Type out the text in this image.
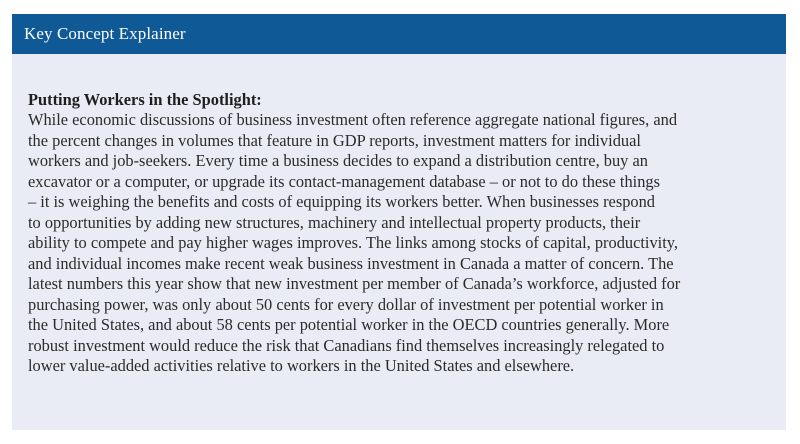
Key Concept Explainer

Putting Workers in the Spotlight:

While economic discussions of business investment often reference aggregate national figures, and
the percent changes in volumes that feature in GDP reports, investment matters for individual
workers and job-seekers. Every time a business decides to expand a distribution centre, buy an
excavator or a computer, or upgrade its contact-management database – or not to do these things
– it is weighing the benefits and costs of equipping its workers better. When businesses respond
to opportunities by adding new structures, machinery and intellectual property products, their
ability to compete and pay higher wages improves. The links among stocks of capital, productivity,
and individual incomes make recent weak business investment in Canada a matter of concern. The
latest numbers this year show that new investment per member of Canada’s workforce, adjusted for
purchasing power, was only about 50 cents for every dollar of investment per potential worker in
the United States, and about 58 cents per potential worker in the OECD countries generally. More
robust investment would reduce the risk that Canadians find themselves increasingly relegated to
lower value-added activities relative to workers in the United States and elsewhere.
